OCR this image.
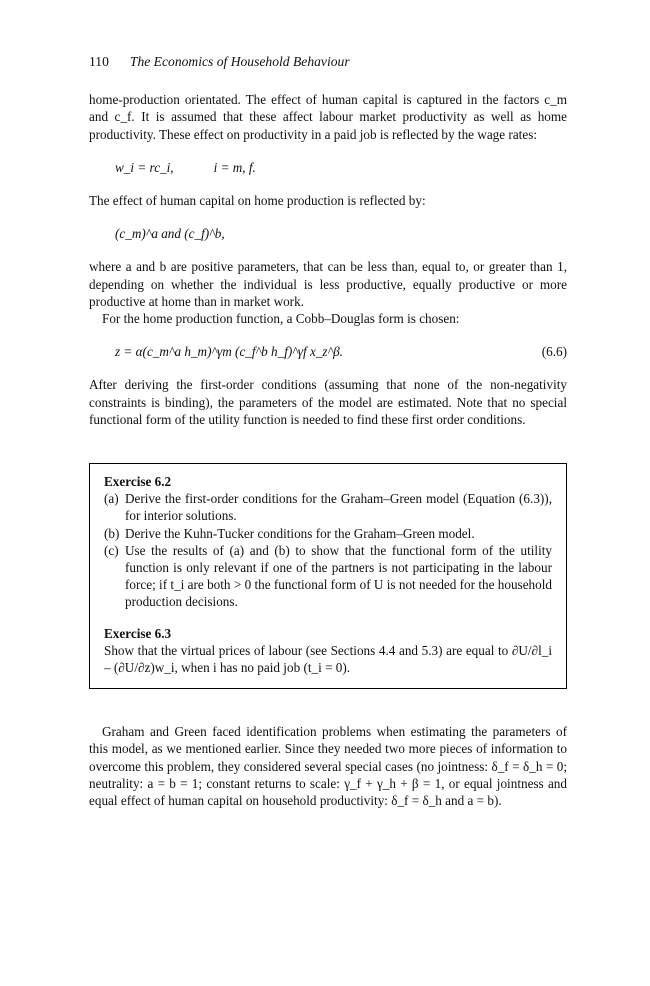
110 The Economics of Household Behaviour

home-production orientated. The effect of human capital is captured in the factors c_m and c_f. It is assumed that these affect labour market productivity as well as home productivity. These effect on productivity in a paid job is reflected by the wage rates:

w_i = rc_i,	i = m, f.

The effect of human capital on home production is reflected by:

(c_m)^a and (c_f)^b,

where a and b are positive parameters, that can be less than, equal to, or greater than 1, depending on whether the individual is less productive, equally productive or more productive at home than in market work.

For the home production function, a Cobb–Douglas form is chosen:

z = α(c_m^a h_m)^γm (c_f^b h_f)^γf x_z^β.	(6.6)

After deriving the first-order conditions (assuming that none of the non-negativity constraints is binding), the parameters of the model are estimated. Note that no special functional form of the utility function is needed to find these first order conditions.

Exercise 6.2
(a) Derive the first-order conditions for the Graham–Green model (Equation (6.3)), for interior solutions.
(b) Derive the Kuhn-Tucker conditions for the Graham–Green model.
(c) Use the results of (a) and (b) to show that the functional form of the utility function is only relevant if one of the partners is not participating in the labour force; if t_i are both > 0 the functional form of U is not needed for the household production decisions.
Exercise 6.3

Show that the virtual prices of labour (see Sections 4.4 and 5.3) are equal to ∂U/∂l_i – (∂U/∂z)w_i, when i has no paid job (t_i = 0).

Graham and Green faced identification problems when estimating the parameters of this model, as we mentioned earlier. Since they needed two more pieces of information to overcome this problem, they considered several special cases (no jointness: δ_f = δ_h = 0; neutrality: a = b = 1; constant returns to scale: γ_f + γ_h + β = 1, or equal jointness and equal effect of human capital on household productivity: δ_f = δ_h and a = b).
